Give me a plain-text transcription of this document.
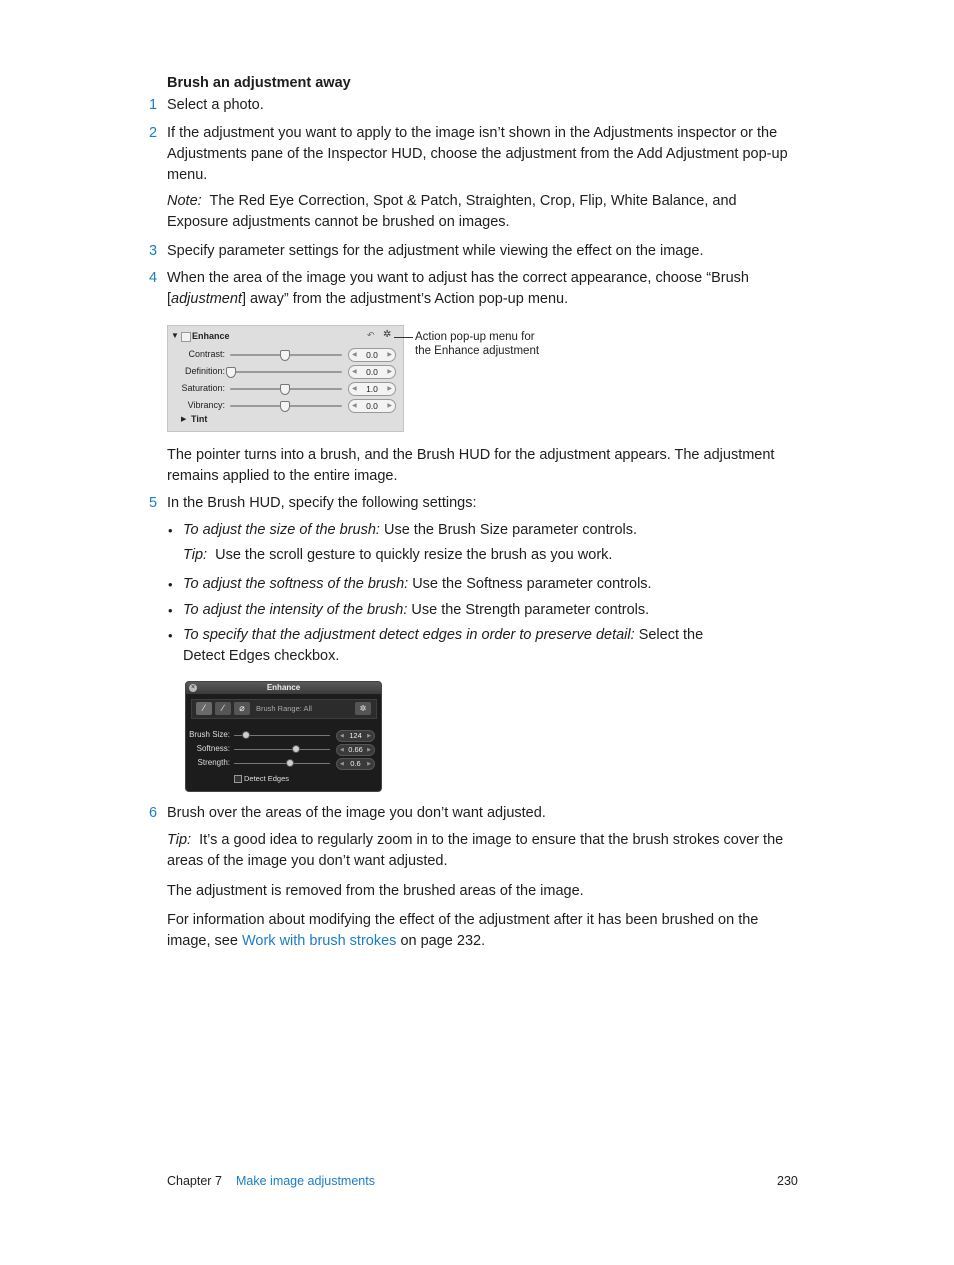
Brush an adjustment away
1 Select a photo.
2 If the adjustment you want to apply to the image isn’t shown in the Adjustments inspector or the Adjustments pane of the Inspector HUD, choose the adjustment from the Add Adjustment pop-up menu.
Note: The Red Eye Correction, Spot & Patch, Straighten, Crop, Flip, White Balance, and Exposure adjustments cannot be brushed on images.
3 Specify parameter settings for the adjustment while viewing the effect on the image.
4 When the area of the image you want to adjust has the correct appearance, choose “Brush [adjustment] away” from the adjustment’s Action pop-up menu.
▼ Enhance	↶ ✲
Contrast:	◀ 0.0 ▶
Definition:	◀ 0.0 ▶
Saturation:	◀ 1.0 ▶
Vibrancy:	◀ 0.0 ▶
▶ Tint
Action pop-up menu for
the Enhance adjustment
The pointer turns into a brush, and the Brush HUD for the adjustment appears. The adjustment remains applied to the entire image.
5 In the Brush HUD, specify the following settings:
• To adjust the size of the brush: Use the Brush Size parameter controls.
Tip: Use the scroll gesture to quickly resize the brush as you work.
• To adjust the softness of the brush: Use the Softness parameter controls.
• To adjust the intensity of the brush: Use the Strength parameter controls.
• To specify that the adjustment detect edges in order to preserve detail: Select the Detect Edges checkbox.
Enhance
×
⁄	∕	⌀	Brush Range: All	✲
Brush Size:	◀ 124 ▶
Softness:	◀ 0.66 ▶
Strength:	◀ 0.6 ▶
Detect Edges
6 Brush over the areas of the image you don’t want adjusted.
Tip: It’s a good idea to regularly zoom in to the image to ensure that the brush strokes cover the areas of the image you don’t want adjusted.
The adjustment is removed from the brushed areas of the image.
For information about modifying the effect of the adjustment after it has been brushed on the image, see Work with brush strokes on page 232.
Chapter 7 Make image adjustments	230
